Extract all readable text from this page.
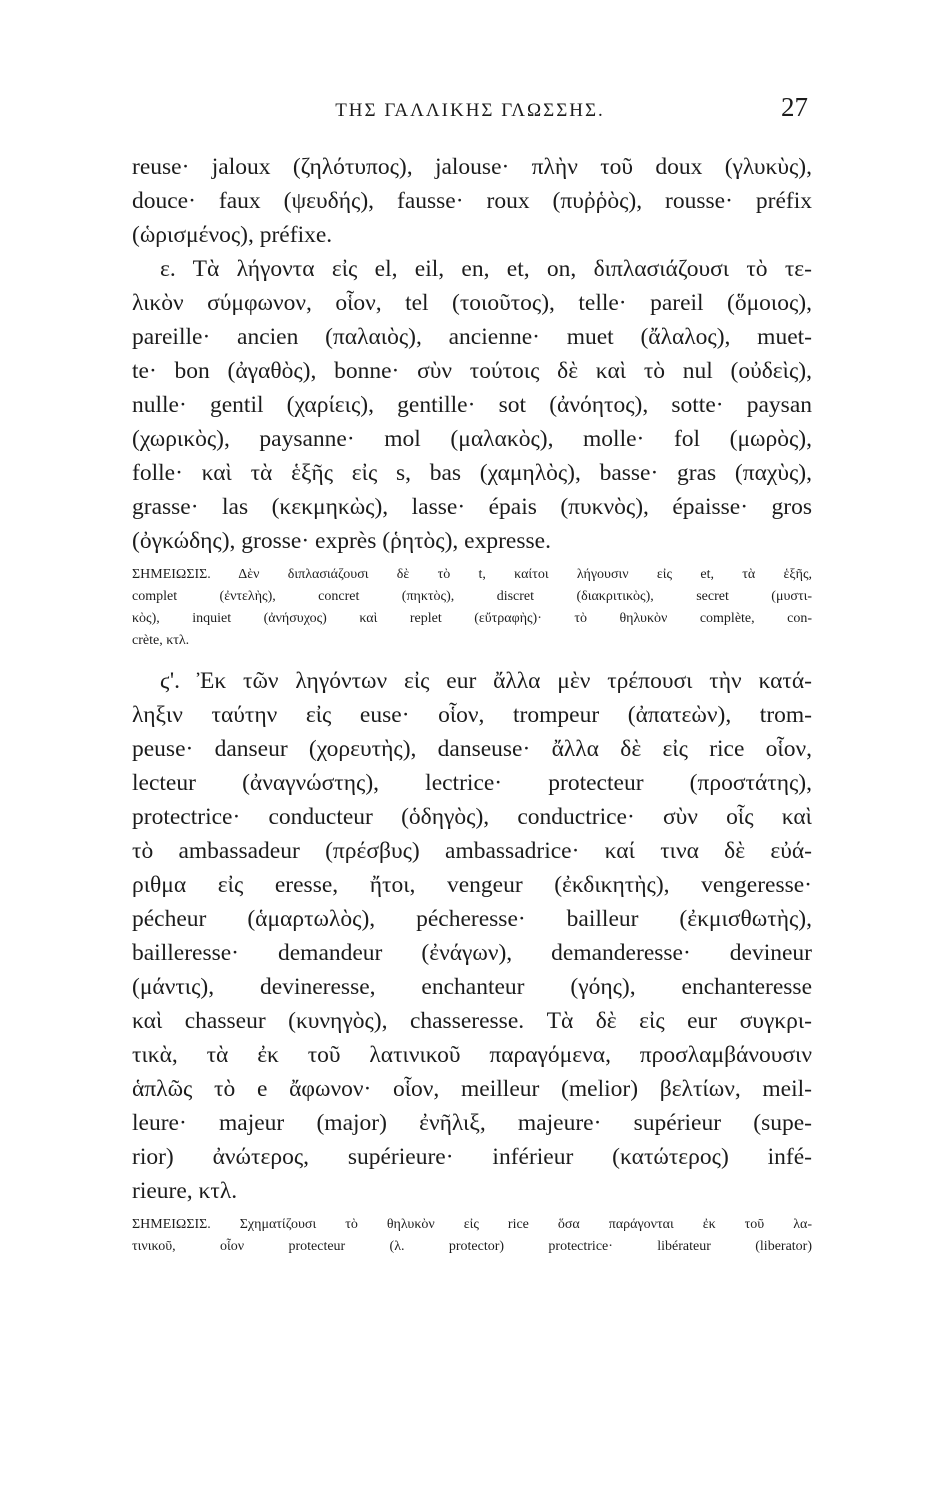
ΤΗΣ ΓΑΛΛΙΚΗΣ ΓΛΩΣΣΗΣ.	27
reuse· jaloux (ζηλότυπος), jalouse· πλὴν τοῦ doux (γλυκὺς),
douce· faux (ψευδής), fausse· roux (πυῤῥὸς), rousse· préfix
(ὡρισμένος), préfixe.
ε. Τὰ λήγοντα εἰς el, eil, en, et, on, διπλασιάζουσι τὸ τε-
λικὸν σύμφωνον, οἷον, tel (τοιοῦτος), telle· pareil (ὅμοιος),
pareille· ancien (παλαιὸς), ancienne· muet (ἄλαλος), muet-
te· bon (ἀγαθὸς), bonne· σὺν τούτοις δὲ καὶ τὸ nul (οὐδεὶς),
nulle· gentil (χαρίεις), gentille· sot (ἀνόητος), sotte· paysan
(χωρικὸς), paysanne· mol (μαλακὸς), molle· fol (μωρὸς),
folle· καὶ τὰ ἑξῆς εἰς s, bas (χαμηλὸς), basse· gras (παχὺς),
grasse· las (κεκμηκὼς), lasse· épais (πυκνὸς), épaisse· gros
(ὀγκώδης), grosse· exprès (ῥητὸς), expresse.
ΣΗΜΕΙΩΣΙΣ. Δὲν διπλασιάζουσι δὲ τὸ t, καίτοι λήγουσιν εἰς et, τὰ ἑξῆς,
complet (ἐντελὴς), concret (πηκτὸς), discret (διακριτικὸς), secret (μυστι-
κὸς), inquiet (ἀνήσυχος) καὶ replet (εὔτραφὴς)· τὸ θηλυκὸν complète, con-
crète, κτλ.
ϛ'. Ἐκ τῶν ληγόντων εἰς eur ἄλλα μὲν τρέπουσι τὴν κατά-
ληξιν ταύτην εἰς euse· οἷον, trompeur (ἀπατεὼν), trom-
peuse· danseur (χορευτὴς), danseuse· ἄλλα δὲ εἰς rice οἷον,
lecteur (ἀναγνώστης), lectrice· protecteur (προστάτης),
protectrice· conducteur (ὁδηγὸς), conductrice· σὺν οἷς καὶ
τὸ ambassadeur (πρέσβυς) ambassadrice· καί τινα δὲ εὐά-
ριθμα εἰς eresse, ἤτοι, vengeur (ἐκδικητὴς), vengeresse·
pécheur (ἁμαρτωλὸς), pécheresse· bailleur (ἐκμισθωτὴς),
bailleresse· demandeur (ἐνάγων), demanderesse· devineur
(μάντις), devineresse, enchanteur (γόης), enchanteresse
καὶ chasseur (κυνηγὸς), chasseresse. Τὰ δὲ εἰς eur συγκρι-
τικὰ, τὰ ἐκ τοῦ λατινικοῦ παραγόμενα, προσλαμβάνουσιν
ἁπλῶς τὸ e ἄφωνον· οἷον, meilleur (melior) βελτίων, meil-
leure· majeur (major) ἐνῆλιξ, majeure· supérieur (supe-
rior) ἀνώτερος, supérieure· inférieur (κατώτερος) infé-
rieure, κτλ.
ΣΗΜΕΙΩΣΙΣ. Σχηματίζουσι τὸ θηλυκὸν εἰς rice ὅσα παράγονται ἐκ τοῦ λα-
τινικοῦ, οἷον protecteur (λ. protector) protectrice· libérateur (liberator)
